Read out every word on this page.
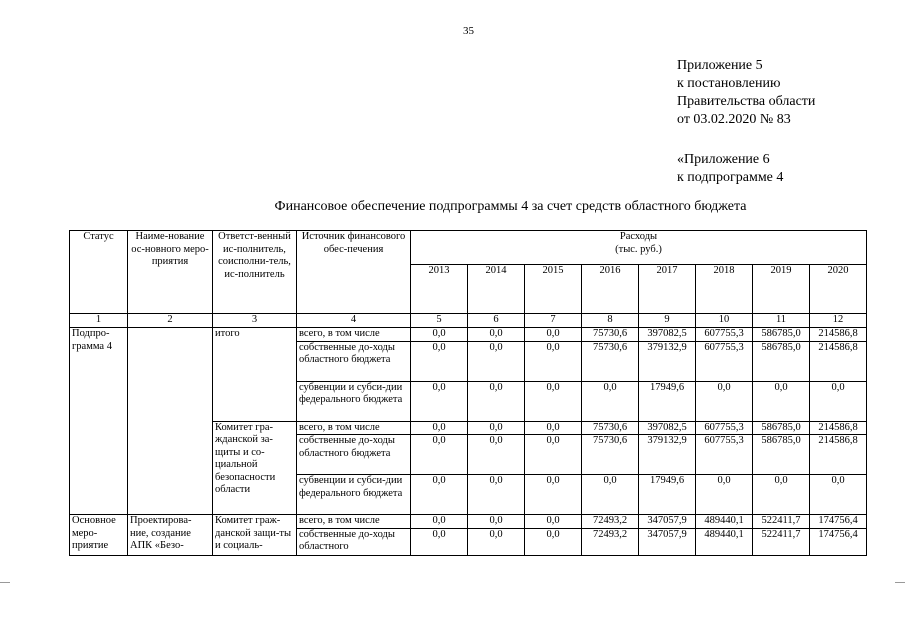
35
Приложение 5
к постановлению
Правительства области
от 03.02.2020 № 83
«Приложение 6
к подпрограмме 4
Финансовое обеспечение подпрограммы 4 за счет средств областного бюджета
Статус	Наиме-нование ос-новного меро-приятия	Ответст-венный ис-полнитель, соисполни-тель, ис-полнитель	Источник финансового обес-печения	Расходы
(тыс. руб.)							

				2013	2014	2015	2016	2017	2018	2019	2020
1	2	3	4	5	6	7	8	9	10	11	12
Подпро-грамма 4		итого	всего, в том числе	0,0	0,0	0,0	75730,6	397082,5	607755,3	586785,0	214586,8
			собственные до-ходы областного бюджета	0,0	0,0	0,0	75730,6	379132,9	607755,3	586785,0	214586,8
			субвенции и субси-дии федерального бюджета	0,0	0,0	0,0	0,0	17949,6	0,0	0,0	0,0
		Комитет гра-жданской за-щиты и со-циальной безопасности области	всего, в том числе	0,0	0,0	0,0	75730,6	397082,5	607755,3	586785,0	214586,8
			собственные до-ходы областного бюджета	0,0	0,0	0,0	75730,6	379132,9	607755,3	586785,0	214586,8
			субвенции и субси-дии федерального бюджета	0,0	0,0	0,0	0,0	17949,6	0,0	0,0	0,0
Основное меро-приятие	Проектирова-ние, создание АПК «Безо-	Комитет граж-данской защи-ты и социаль-	всего, в том числе	0,0	0,0	0,0	72493,2	347057,9	489440,1	522411,7	174756,4
			собственные до-ходы областного	0,0	0,0	0,0	72493,2	347057,9	489440,1	522411,7	174756,4
